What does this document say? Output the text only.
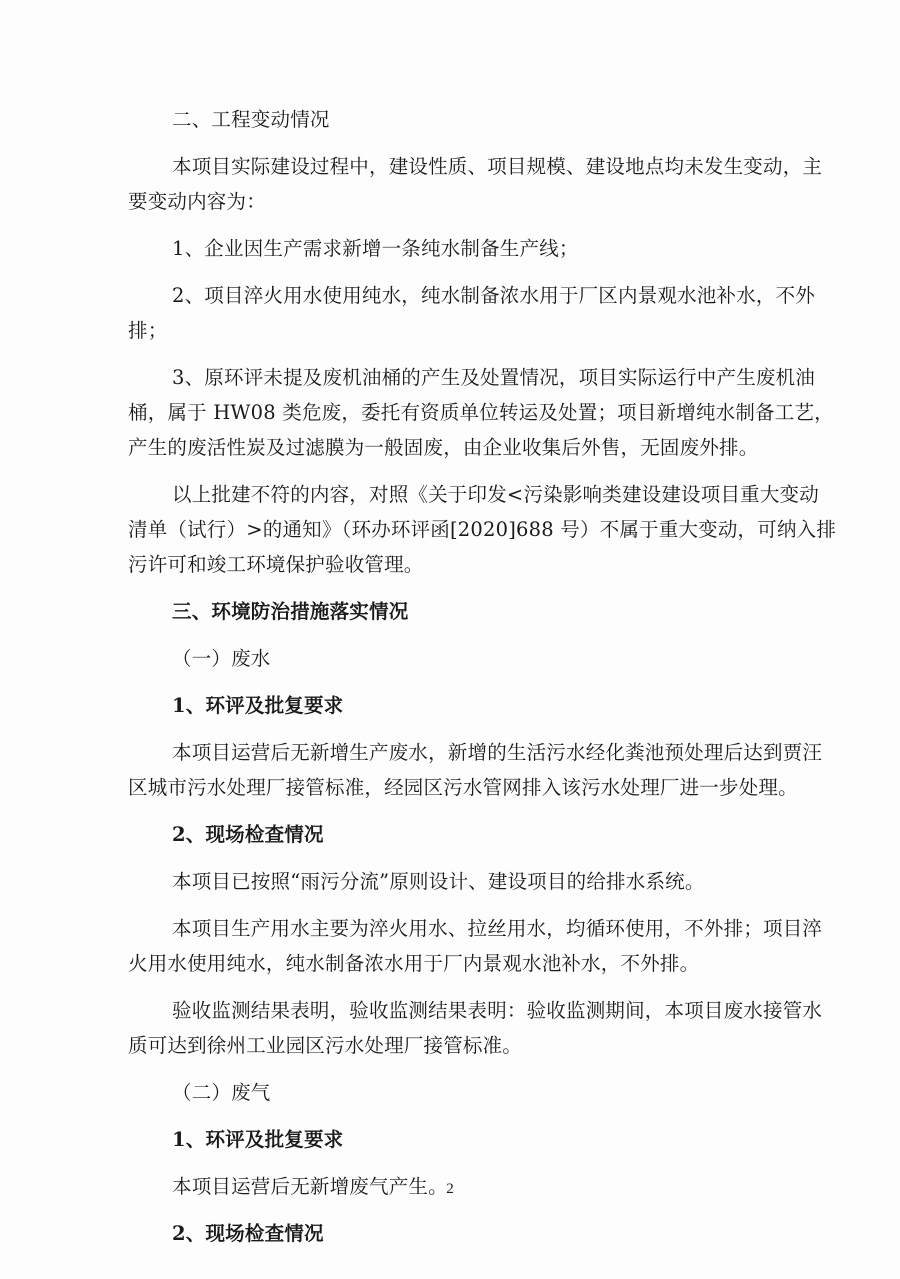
二、工程变动情况
本项目实际建设过程中，建设性质、项目规模、建设地点均未发生变动，主
要变动内容为：
1、企业因生产需求新增一条纯水制备生产线；
2、项目淬火用水使用纯水，纯水制备浓水用于厂区内景观水池补水，不外
排；
3、原环评未提及废机油桶的产生及处置情况，项目实际运行中产生废机油
桶，属于 HW08 类危废，委托有资质单位转运及处置；项目新增纯水制备工艺，
产生的废活性炭及过滤膜为一般固废，由企业收集后外售，无固废外排。
以上批建不符的内容，对照《关于印发<污染影响类建设建设项目重大变动
清单（试行）>的通知》（环办环评函[2020]688 号）不属于重大变动，可纳入排
污许可和竣工环境保护验收管理。
三、环境防治措施落实情况
（一）废水
1、环评及批复要求
本项目运营后无新增生产废水，新增的生活污水经化粪池预处理后达到贾汪
区城市污水处理厂接管标准，经园区污水管网排入该污水处理厂进一步处理。
2、现场检查情况
本项目已按照“雨污分流”原则设计、建设项目的给排水系统。
本项目生产用水主要为淬火用水、拉丝用水，均循环使用，不外排；项目淬
火用水使用纯水，纯水制备浓水用于厂内景观水池补水，不外排。
验收监测结果表明，验收监测结果表明：验收监测期间，本项目废水接管水
质可达到徐州工业园区污水处理厂接管标准。
（二）废气
1、环评及批复要求
本项目运营后无新增废气产生。
2、现场检查情况
2
